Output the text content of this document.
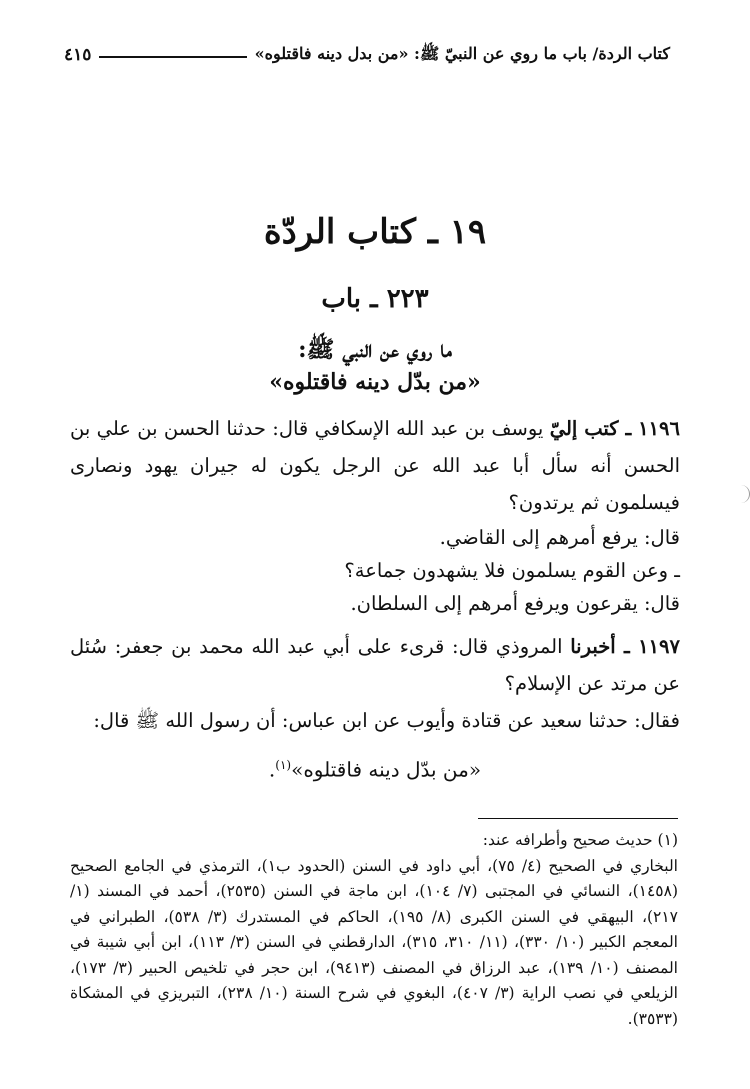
كتاب الردة/ باب ما روي عن النبيّ ﷺ: «من بدل دينه فاقتلوه»
٤١٥
١٩ ـ كتاب الردّة
٢٢٣ ـ باب
ما روي عن النبي ﷺ:
«من بدّل دينه فاقتلوه»

١١٩٦ ـ كتب إليّ يوسف بن عبد الله الإسكافي قال: حدثنا الحسن بن علي بن الحسن أنه سأل أبا عبد الله عن الرجل يكون له جيران يهود ونصارى فيسلمون ثم يرتدون؟

قال: يرفع أمرهم إلى القاضي.

ـ وعن القوم يسلمون فلا يشهدون جماعة؟

قال: يقرعون ويرفع أمرهم إلى السلطان.

١١٩٧ ـ أخبرنا المروذي قال: قرىء على أبي عبد الله محمد بن جعفر: سُئل عن مرتد عن الإسلام؟

فقال: حدثنا سعيد عن قتادة وأيوب عن ابن عباس: أن رسول الله ﷺ قال:

«من بدّل دينه فاقتلوه»$^{(١)}$.

(١) حديث صحيح وأطرافه عند:

البخاري في الصحيح (٤/ ٧٥)، أبي داود في السنن (الحدود ب١)، الترمذي في الجامع الصحيح (١٤٥٨)، النسائي في المجتبى (٧/ ١٠٤)، ابن ماجة في السنن (٢٥٣٥)، أحمد في المسند (١/ ٢١٧)، البيهقي في السنن الكبرى (٨/ ١٩٥)، الحاكم في المستدرك (٣/ ٥٣٨)، الطبراني في المعجم الكبير (١٠/ ٣٣٠)، (١١/ ٣١٠، ٣١٥)، الدارقطني في السنن (٣/ ١١٣)، ابن أبي شيبة في المصنف (١٠/ ١٣٩)، عبد الرزاق في المصنف (٩٤١٣)، ابن حجر في تلخيص الحبير (٣/ ١٧٣)، الزيلعي في نصب الراية (٣/ ٤٠٧)، البغوي في شرح السنة (١٠/ ٢٣٨)، التبريزي في المشكاة (٣٥٣٣).
